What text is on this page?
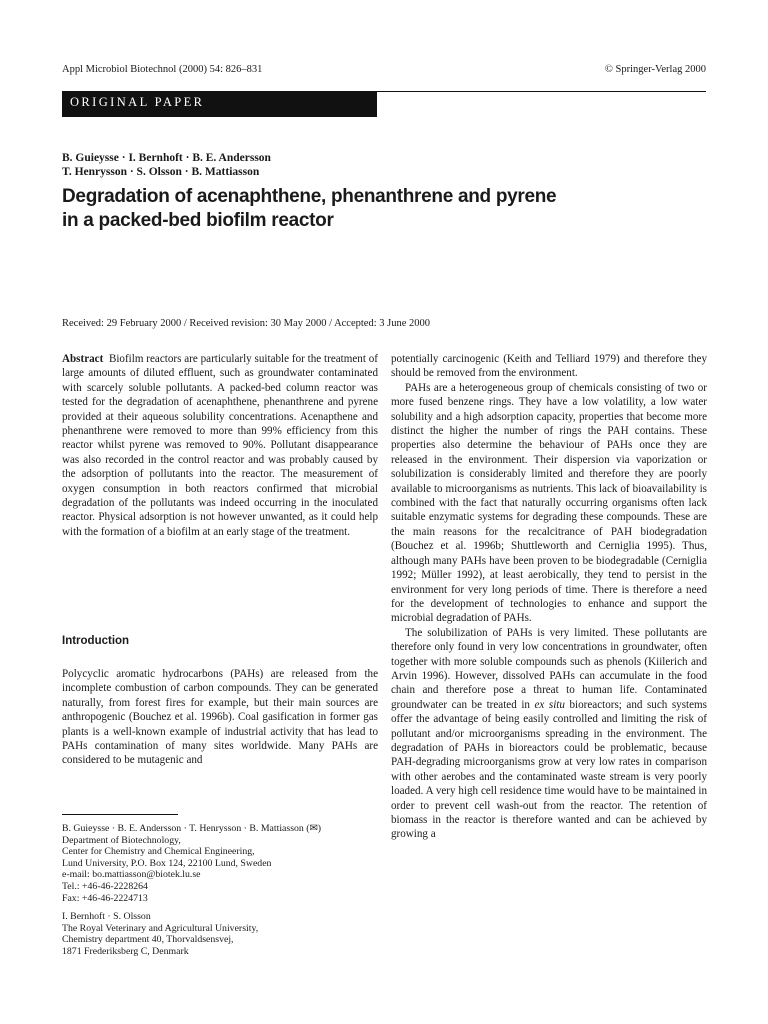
Appl Microbiol Biotechnol (2000) 54: 826–831	© Springer-Verlag 2000
ORIGINAL PAPER
B. Guieysse · I. Bernhoft · B. E. Andersson
T. Henrysson · S. Olsson · B. Mattiasson
Degradation of acenaphthene, phenanthrene and pyrene
in a packed-bed biofilm reactor
Received: 29 February 2000 / Received revision: 30 May 2000 / Accepted: 3 June 2000

Abstract Biofilm reactors are particularly suitable for the treatment of large amounts of diluted effluent, such as groundwater contaminated with scarcely soluble pollutants. A packed-bed column reactor was tested for the degradation of acenaphthene, phenanthrene and pyrene provided at their aqueous solubility concentrations. Acenapthene and phenanthrene were removed to more than 99% efficiency from this reactor whilst pyrene was removed to 90%. Pollutant disappearance was also recorded in the control reactor and was probably caused by the adsorption of pollutants into the reactor. The measurement of oxygen consumption in both reactors confirmed that microbial degradation of the pollutants was indeed occurring in the inoculated reactor. Physical adsorption is not however unwanted, as it could help with the formation of a biofilm at an early stage of the treatment.

Introduction

Polycyclic aromatic hydrocarbons (PAHs) are released from the incomplete combustion of carbon compounds. They can be generated naturally, from forest fires for example, but their main sources are anthropogenic (Bouchez et al. 1996b). Coal gasification in former gas plants is a well-known example of industrial activity that has lead to PAHs contamination of many sites worldwide. Many PAHs are considered to be mutagenic and

B. Guieysse · B. E. Andersson · T. Henrysson · B. Mattiasson (✉)
Department of Biotechnology,
Center for Chemistry and Chemical Engineering,
Lund University, P.O. Box 124, 22100 Lund, Sweden
e-mail: bo.mattiasson@biotek.lu.se
Tel.: +46-46-2228264
Fax: +46-46-2224713
I. Bernhoft · S. Olsson
The Royal Veterinary and Agricultural University,
Chemistry department 40, Thorvaldsensvej,
1871 Frederiksberg C, Denmark

potentially carcinogenic (Keith and Telliard 1979) and therefore they should be removed from the environment.

PAHs are a heterogeneous group of chemicals consisting of two or more fused benzene rings. They have a low volatility, a low water solubility and a high adsorption capacity, properties that become more distinct the higher the number of rings the PAH contains. These properties also determine the behaviour of PAHs once they are released in the environment. Their dispersion via vaporization or solubilization is considerably limited and therefore they are poorly available to microorganisms as nutrients. This lack of bioavailability is combined with the fact that naturally occurring organisms often lack suitable enzymatic systems for degrading these compounds. These are the main reasons for the recalcitrance of PAH biodegradation (Bouchez et al. 1996b; Shuttleworth and Cerniglia 1995). Thus, although many PAHs have been proven to be biodegradable (Cerniglia 1992; Müller 1992), at least aerobically, they tend to persist in the environment for very long periods of time. There is therefore a need for the development of technologies to enhance and support the microbial degradation of PAHs.

The solubilization of PAHs is very limited. These pollutants are therefore only found in very low concentrations in groundwater, often together with more soluble compounds such as phenols (Kiilerich and Arvin 1996). However, dissolved PAHs can accumulate in the food chain and therefore pose a threat to human life. Contaminated groundwater can be treated in ex situ bioreactors; and such systems offer the advantage of being easily controlled and limiting the risk of pollutant and/or microorganisms spreading in the environment. The degradation of PAHs in bioreactors could be problematic, because PAH-degrading microorganisms grow at very low rates in comparison with other aerobes and the contaminated waste stream is very poorly loaded. A very high cell residence time would have to be maintained in order to prevent cell wash-out from the reactor. The retention of biomass in the reactor is therefore wanted and can be achieved by growing a
